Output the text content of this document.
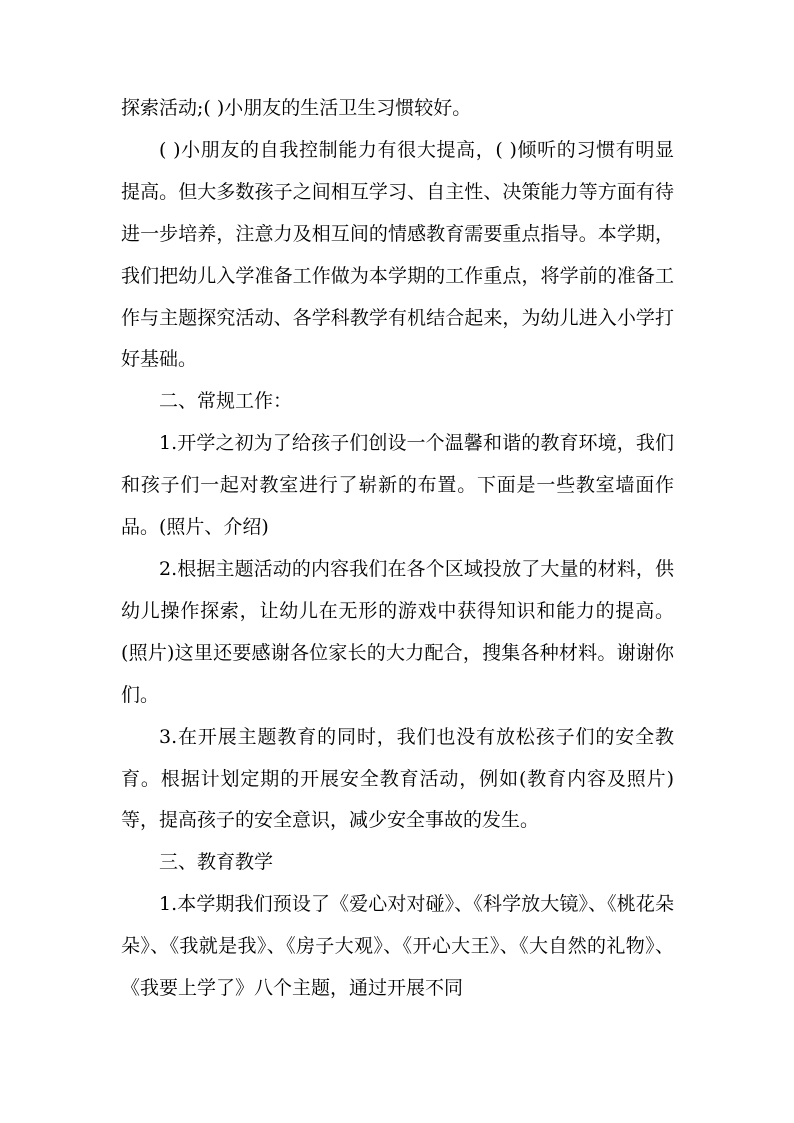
探索活动;( )小朋友的生活卫生习惯较好。

( )小朋友的自我控制能力有很大提高，( )倾听的习惯有明显提高。但大多数孩子之间相互学习、自主性、决策能力等方面有待进一步培养，注意力及相互间的情感教育需要重点指导。本学期，我们把幼儿入学准备工作做为本学期的工作重点，将学前的准备工作与主题探究活动、各学科教学有机结合起来，为幼儿进入小学打好基础。

二、常规工作：

1.开学之初为了给孩子们创设一个温馨和谐的教育环境，我们和孩子们一起对教室进行了崭新的布置。下面是一些教室墙面作品。(照片、介绍)

2.根据主题活动的内容我们在各个区域投放了大量的材料，供幼儿操作探索，让幼儿在无形的游戏中获得知识和能力的提高。(照片)这里还要感谢各位家长的大力配合，搜集各种材料。谢谢你们。

3.在开展主题教育的同时，我们也没有放松孩子们的安全教育。根据计划定期的开展安全教育活动，例如(教育内容及照片)等，提高孩子的安全意识，减少安全事故的发生。

三、教育教学

1.本学期我们预设了《爱心对对碰》、《科学放大镜》、《桃花朵朵》、《我就是我》、《房子大观》、《开心大王》、《大自然的礼物》、《我要上学了》八个主题，通过开展不同
